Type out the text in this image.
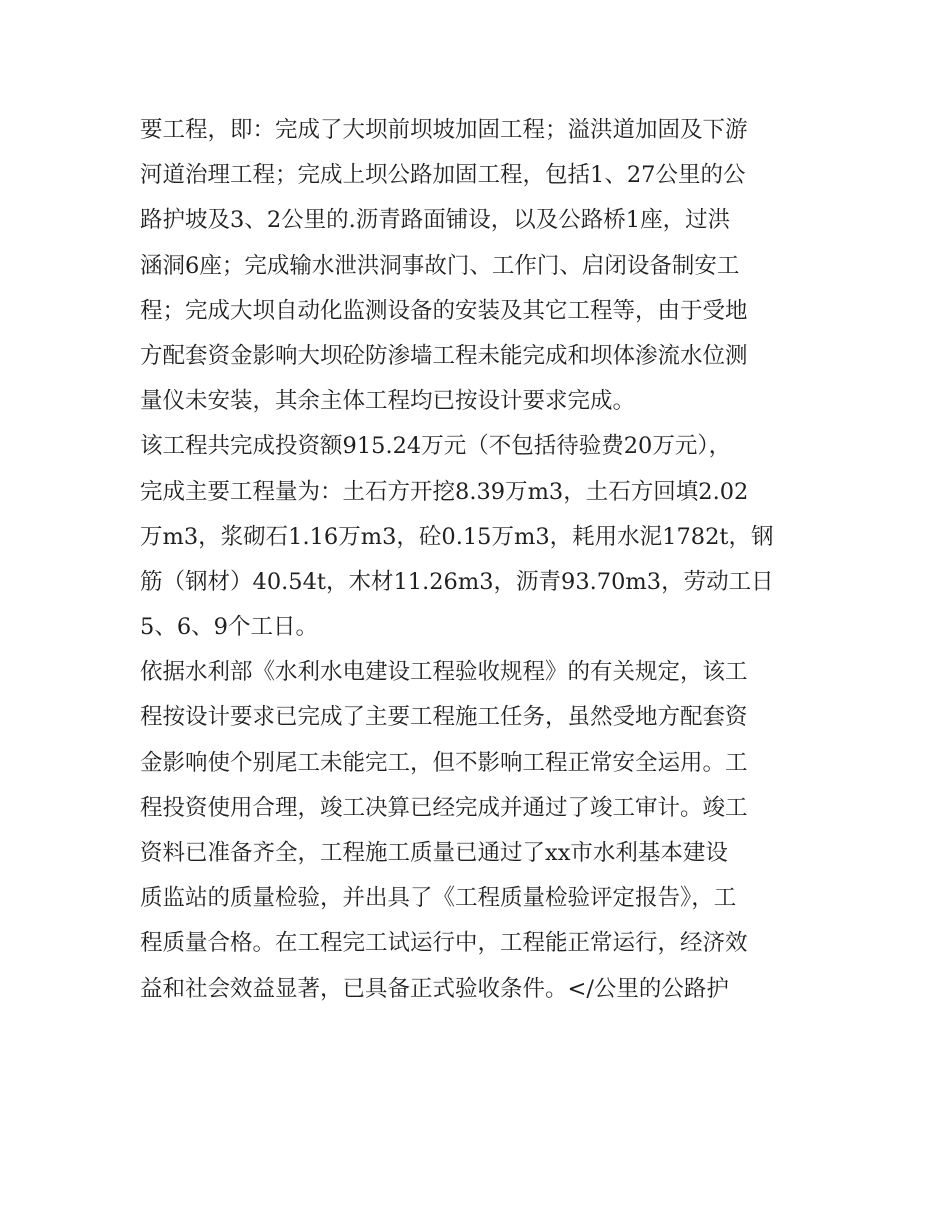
要工程，即：完成了大坝前坝坡加固工程；溢洪道加固及下游
河道治理工程；完成上坝公路加固工程，包括1、27公里的公
路护坡及3、2公里的.沥青路面铺设，以及公路桥1座，过洪
涵洞6座；完成输水泄洪洞事故门、工作门、启闭设备制安工
程；完成大坝自动化监测设备的安装及其它工程等，由于受地
方配套资金影响大坝砼防渗墙工程未能完成和坝体渗流水位测
量仪未安装，其余主体工程均已按设计要求完成。
该工程共完成投资额915.24万元（不包括待验费20万元），
完成主要工程量为：土石方开挖8.39万m3，土石方回填2.02
万m3，浆砌石1.16万m3，砼0.15万m3，耗用水泥1782t，钢
筋（钢材）40.54t，木材11.26m3，沥青93.70m3，劳动工日
5、6、9个工日。
依据水利部《水利水电建设工程验收规程》的有关规定，该工
程按设计要求已完成了主要工程施工任务，虽然受地方配套资
金影响使个别尾工未能完工，但不影响工程正常安全运用。工
程投资使用合理，竣工决算已经完成并通过了竣工审计。竣工
资料已准备齐全，工程施工质量已通过了xx市水利基本建设
质监站的质量检验，并出具了《工程质量检验评定报告》，工
程质量合格。在工程完工试运行中，工程能正常运行，经济效
益和社会效益显著，已具备正式验收条件。</公里的公路护
